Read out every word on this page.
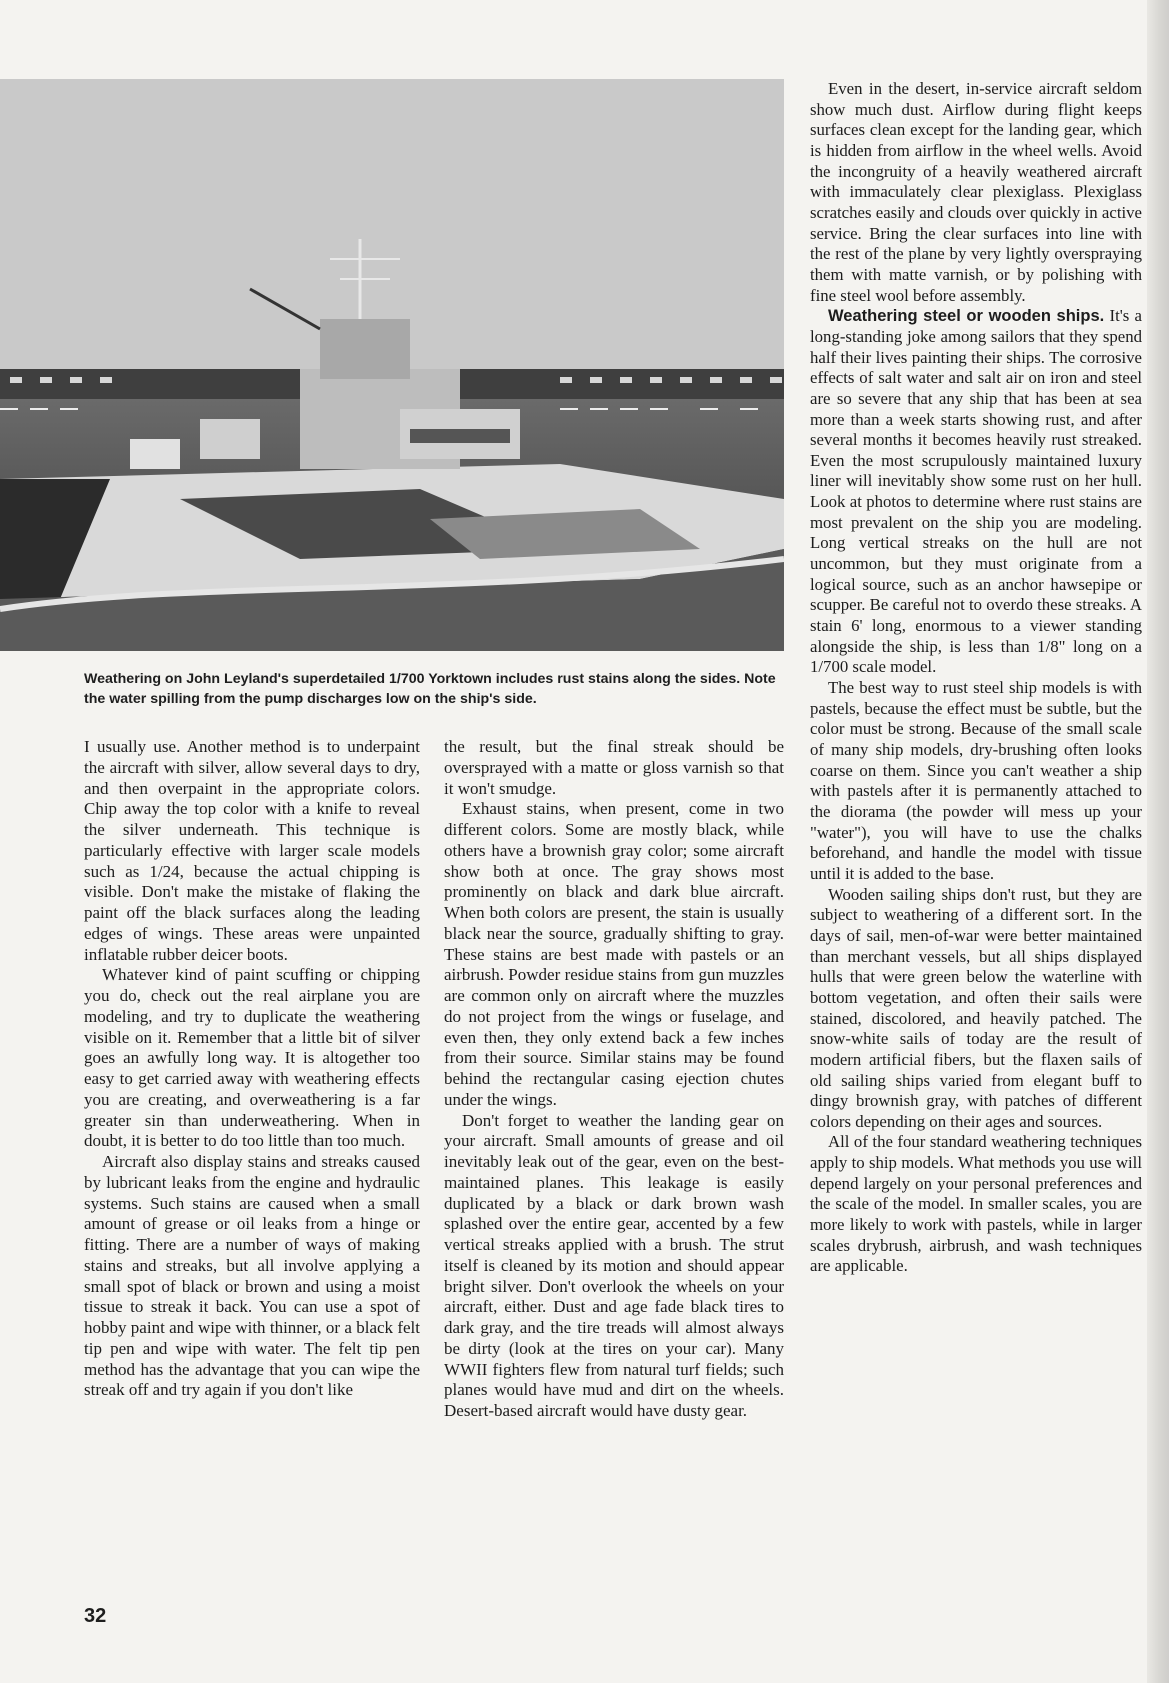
Weathering on John Leyland's superdetailed 1/700 Yorktown includes rust stains along the sides. Note the water spilling from the pump discharges low on the ship's side.

I usually use. Another method is to underpaint the aircraft with silver, allow several days to dry, and then overpaint in the appropriate colors. Chip away the top color with a knife to reveal the silver underneath. This technique is particularly effective with larger scale models such as 1/24, because the actual chipping is visible. Don't make the mistake of flaking the paint off the black surfaces along the leading edges of wings. These areas were unpainted inflatable rubber deicer boots.

Whatever kind of paint scuffing or chipping you do, check out the real airplane you are modeling, and try to duplicate the weathering visible on it. Remember that a little bit of silver goes an awfully long way. It is altogether too easy to get carried away with weathering effects you are creating, and overweathering is a far greater sin than underweathering. When in doubt, it is better to do too little than too much.

Aircraft also display stains and streaks caused by lubricant leaks from the engine and hydraulic systems. Such stains are caused when a small amount of grease or oil leaks from a hinge or fitting. There are a number of ways of making stains and streaks, but all involve applying a small spot of black or brown and using a moist tissue to streak it back. You can use a spot of hobby paint and wipe with thinner, or a black felt tip pen and wipe with water. The felt tip pen method has the advantage that you can wipe the streak off and try again if you don't like

the result, but the final streak should be oversprayed with a matte or gloss varnish so that it won't smudge.

Exhaust stains, when present, come in two different colors. Some are mostly black, while others have a brownish gray color; some aircraft show both at once. The gray shows most prominently on black and dark blue aircraft. When both colors are present, the stain is usually black near the source, gradually shifting to gray. These stains are best made with pastels or an airbrush. Powder residue stains from gun muzzles are common only on aircraft where the muzzles do not project from the wings or fuselage, and even then, they only extend back a few inches from their source. Similar stains may be found behind the rectangular casing ejection chutes under the wings.

Don't forget to weather the landing gear on your aircraft. Small amounts of grease and oil inevitably leak out of the gear, even on the best-maintained planes. This leakage is easily duplicated by a black or dark brown wash splashed over the entire gear, accented by a few vertical streaks applied with a brush. The strut itself is cleaned by its motion and should appear bright silver. Don't overlook the wheels on your aircraft, either. Dust and age fade black tires to dark gray, and the tire treads will almost always be dirty (look at the tires on your car). Many WWII fighters flew from natural turf fields; such planes would have mud and dirt on the wheels. Desert-based aircraft would have dusty gear.

Even in the desert, in-service aircraft seldom show much dust. Airflow during flight keeps surfaces clean except for the landing gear, which is hidden from airflow in the wheel wells. Avoid the incongruity of a heavily weathered aircraft with immaculately clear plexiglass. Plexiglass scratches easily and clouds over quickly in active service. Bring the clear surfaces into line with the rest of the plane by very lightly overspraying them with matte varnish, or by polishing with fine steel wool before assembly.

Weathering steel or wooden ships. It's a long-standing joke among sailors that they spend half their lives painting their ships. The corrosive effects of salt water and salt air on iron and steel are so severe that any ship that has been at sea more than a week starts showing rust, and after several months it becomes heavily rust streaked. Even the most scrupulously maintained luxury liner will inevitably show some rust on her hull. Look at photos to determine where rust stains are most prevalent on the ship you are modeling. Long vertical streaks on the hull are not uncommon, but they must originate from a logical source, such as an anchor hawsepipe or scupper. Be careful not to overdo these streaks. A stain 6' long, enormous to a viewer standing alongside the ship, is less than 1/8" long on a 1/700 scale model.

The best way to rust steel ship models is with pastels, because the effect must be subtle, but the color must be strong. Because of the small scale of many ship models, dry-brushing often looks coarse on them. Since you can't weather a ship with pastels after it is permanently attached to the diorama (the powder will mess up your "water"), you will have to use the chalks beforehand, and handle the model with tissue until it is added to the base.

Wooden sailing ships don't rust, but they are subject to weathering of a different sort. In the days of sail, men-of-war were better maintained than merchant vessels, but all ships displayed hulls that were green below the waterline with bottom vegetation, and often their sails were stained, discolored, and heavily patched. The snow-white sails of today are the result of modern artificial fibers, but the flaxen sails of old sailing ships varied from elegant buff to dingy brownish gray, with patches of different colors depending on their ages and sources.

All of the four standard weathering techniques apply to ship models. What methods you use will depend largely on your personal preferences and the scale of the model. In smaller scales, you are more likely to work with pastels, while in larger scales drybrush, airbrush, and wash techniques are applicable.

32
